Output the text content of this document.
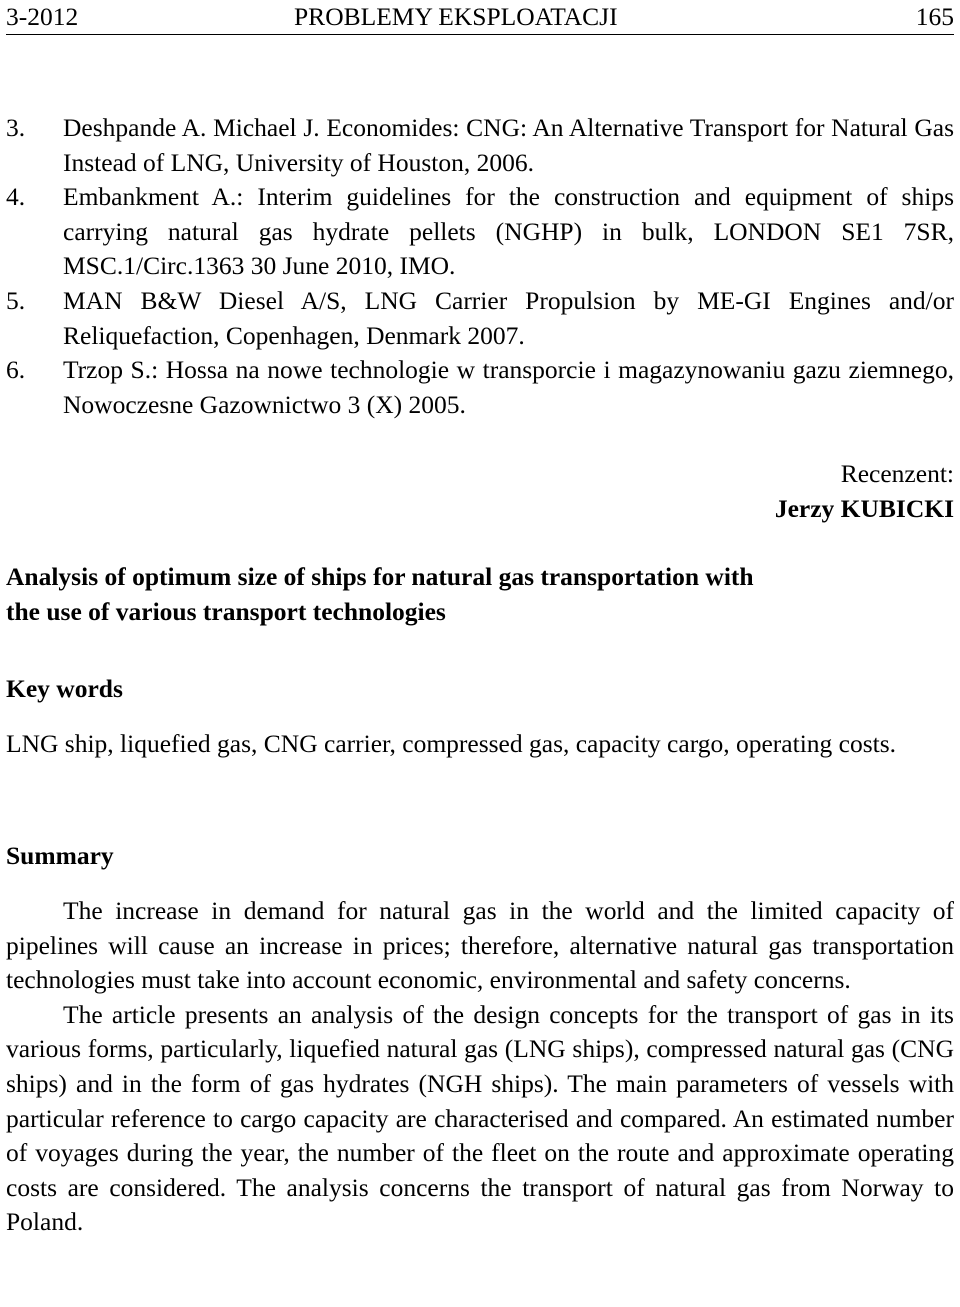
3-2012	PROBLEMY EKSPLOATACJI	165
3. Deshpande A. Michael J. Economides: CNG: An Alternative Transport for Natural Gas Instead of LNG, University of Houston, 2006.
4. Embankment A.: Interim guidelines for the construction and equipment of ships carrying natural gas hydrate pellets (NGHP) in bulk, LONDON SE1 7SR, MSC.1/Circ.1363 30 June 2010, IMO.
5. MAN B&W Diesel A/S, LNG Carrier Propulsion by ME-GI Engines and/or Reliquefaction, Copenhagen, Denmark 2007.
6. Trzop S.: Hossa na nowe technologie w transporcie i magazynowaniu gazu ziemnego, Nowoczesne Gazownictwo 3 (X) 2005.
Recenzent:
Jerzy KUBICKI
Analysis of optimum size of ships for natural gas transportation with
the use of various transport technologies
Key words
LNG ship, liquefied gas, CNG carrier, compressed gas, capacity cargo, operating costs.
Summary

The increase in demand for natural gas in the world and the limited capacity of pipelines will cause an increase in prices; therefore, alternative natural gas transportation technologies must take into account economic, environmental and safety concerns.

The article presents an analysis of the design concepts for the transport of gas in its various forms, particularly, liquefied natural gas (LNG ships), compressed natural gas (CNG ships) and in the form of gas hydrates (NGH ships). The main parameters of vessels with particular reference to cargo capacity are characterised and compared. An estimated number of voyages during the year, the number of the fleet on the route and approximate operating costs are considered. The analysis concerns the transport of natural gas from Norway to Poland.
